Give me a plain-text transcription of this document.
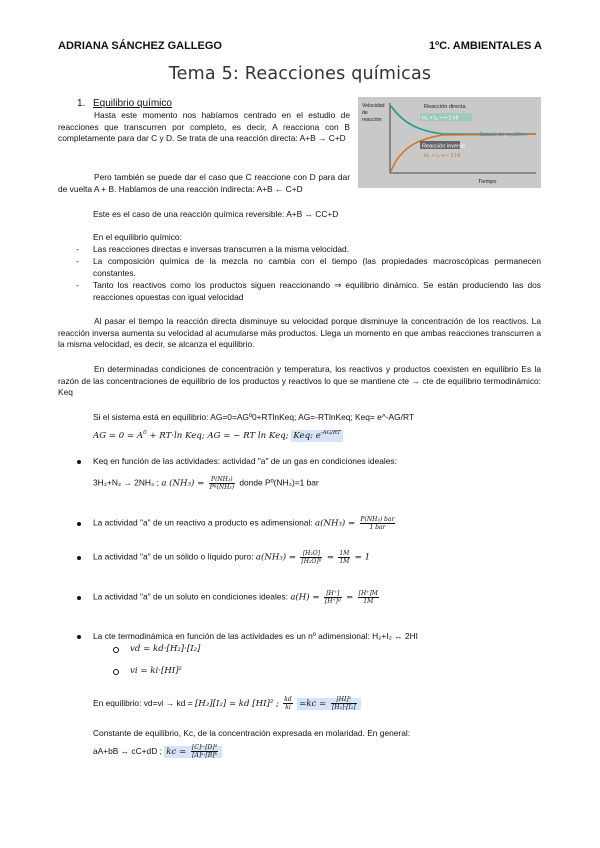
ADRIANA SÁNCHEZ GALLEGO	1ºC. AMBIENTALES A
Tema 5: Reacciones químicas
1. Equilibrio químico	Velocidad
de
reacción
Reacción directa
H₂ + I₂ ⟶ 2 HI
Estado de equilibrio
Reacción inversa
H₂ + I₂ ⟵ 2 HI
Tiempo
Hasta este momento nos habíamos centrado en el estudio de reacciones que transcurren por completo, es decir, A reacciona con B completamente para dar C y D. Se trata de una reacción directa: A+B → C+D
Pero también se puede dar el caso que C reaccione con D para dar de vuelta A + B. Hablamos de una reacción indirecta: A+B ← C+D
Este es el caso de una reacción química reversible: A+B ↔ CC+D
En el equilibrio químico:
- Las reacciones directas e inversas transcurren a la misma velocidad.
- La composición química de la mezcla no cambia con el tiempo (las propiedades macroscópicas permanecen constantes.
- Tanto los reactivos como los productos siguen reaccionando ⇒ equilibrio dinámico. Se están produciendo las dos reacciones opuestas con igual velocidad
Al pasar el tiempo la reacción directa disminuye su velocidad porque disminuye la concentración de los reactivos. La reacción inversa aumenta su velocidad al acumularse más productos. Llega un momento en que ambas reacciones transcurren a la misma velocidad, es decir, se alcanza el equilibrio.
En determinadas condiciones de concentración y temperatura, los reactivos y productos coexisten en equilibrio Es la razón de las concentraciones de equilibrio de los productos y reactivos lo que se mantiene cte → cte de equilibrio termodinámico: Keq
Si el sistema está en equilibrio: AG=0=AGº0+RTlnKeq; AG=-RTlnKeq; Keq= e^-AG/RT
AG = $0 = A^0 + RT\cdot\ln$ Keq; AG = − RT ln Keq; Keq: $e^{-AG/RT}$
Keq en función de las actividades: actividad "a" de un gas en condiciones ideales:
3H₂+N₂ → 2NH₃ ; a $(NH_3) = \frac{\text{P(NH₃)}}{\text{Pº(NH₃)}}$ donde Pº(NH₃)=1 bar
La actividad "a" de un reactivo a producto es adimensional: $a(NH_3) = \frac{\text{P(NH₃) bar}}{\text{1 bar}}$
La actividad "a" de un sólido o líquido puro: $a(NH_3) = \frac{\text{[H₂O]}}{\text{[H₂O]º}} = \frac{1M}{1M} = 1$
La actividad "a" de un soluto en condiciones ideales: $a(H) = \frac{[H^+]}{\text{[H⁺]º}} = \frac{[H^+]M}{1M}$
La cte termodinámica en función de las actividades es un nº adimensional: H₂+I₂ ↔ 2HI
vd = kd·[H₂]·[I₂]
vi = ki·[HI]²
En equilibrio: vd=vi → kd = [H₂][I₂] = kd [HI]² ; $\frac{kd}{ki} =kc = \frac{\text{[HI]²}}{\text{[H₂]·[I₂]}}$
Constante de equilibrio, Kc, de la concentración expresada en molaridad. En general:
aA+bB ↔ cC+dD ; kc = $\frac{\text{[C]ᶜ·[D]ᵈ}}{\text{[A]ᵃ·[B]ᵇ}}$
